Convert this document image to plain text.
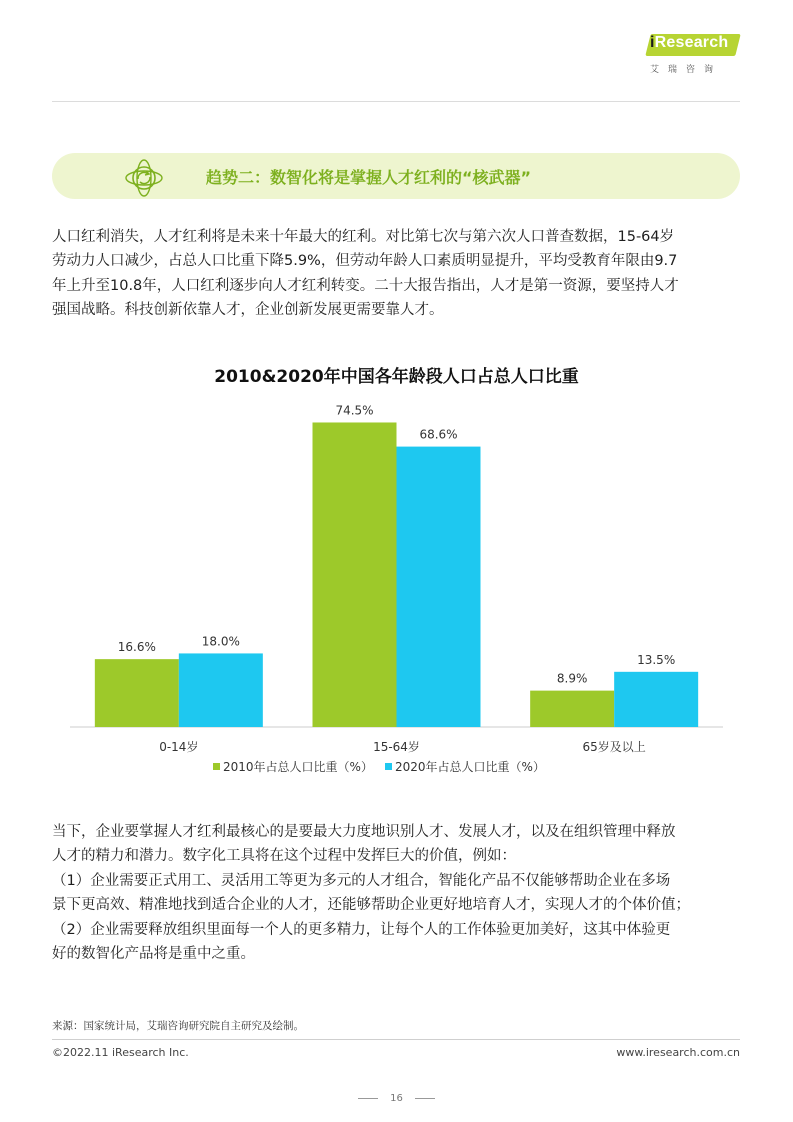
iResearch
艾瑞咨询
趋势二：数智化将是掌握人才红利的“核武器”
人口红利消失，人才红利将是未来十年最大的红利。对比第七次与第六次人口普查数据，15-64岁
劳动力人口减少，占总人口比重下降5.9%，但劳动年龄人口素质明显提升，平均受教育年限由9.7
年上升至10.8年，人口红利逐步向人才红利转变。二十大报告指出，人才是第一资源，要坚持人才
强国战略。科技创新依靠人才，企业创新发展更需要靠人才。
2010&2020年中国各年龄段人口占总人口比重
16.6%	18.0%
0-14岁
74.5%
68.6%
15-64岁
8.9%
13.5%
65岁及以上
2010年占总人口比重（%） 2020年占总人口比重（%）
当下，企业要掌握人才红利最核心的是要最大力度地识别人才、发展人才，以及在组织管理中释放
人才的精力和潜力。数字化工具将在这个过程中发挥巨大的价值，例如：
（1）企业需要正式用工、灵活用工等更为多元的人才组合，智能化产品不仅能够帮助企业在多场
景下更高效、精准地找到适合企业的人才，还能够帮助企业更好地培育人才，实现人才的个体价值；
（2）企业需要释放组织里面每一个人的更多精力，让每个人的工作体验更加美好，这其中体验更
好的数智化产品将是重中之重。
来源：国家统计局，艾瑞咨询研究院自主研究及绘制。
©2022.11 iResearch Inc.	www.iresearch.com.cn
16
